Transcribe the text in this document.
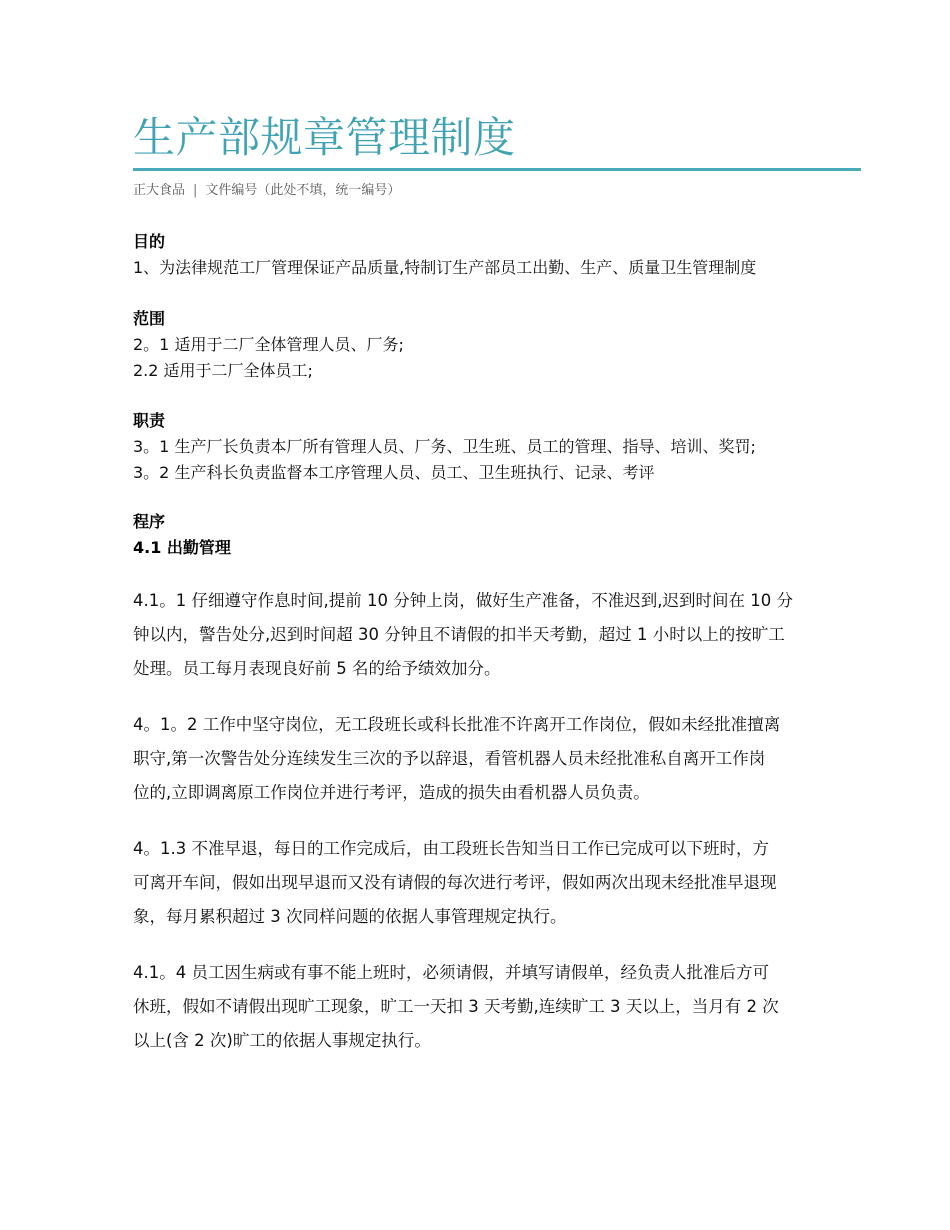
生产部规章管理制度
正大食品 | 文件编号（此处不填，统一编号）
目的
1、为法律规范工厂管理保证产品质量,特制订生产部员工出勤、生产、质量卫生管理制度
范围
2。1 适用于二厂全体管理人员、厂务;
2.2 适用于二厂全体员工;
职责
3。1 生产厂长负责本厂所有管理人员、厂务、卫生班、员工的管理、指导、培训、奖罚;
3。2 生产科长负责监督本工序管理人员、员工、卫生班执行、记录、考评
程序
4.1 出勤管理
4.1。1 仔细遵守作息时间,提前 10 分钟上岗，做好生产准备，不准迟到,迟到时间在 10 分
钟以内，警告处分,迟到时间超 30 分钟且不请假的扣半天考勤，超过 1 小时以上的按旷工
处理。员工每月表现良好前 5 名的给予绩效加分。
4。1。2 工作中坚守岗位，无工段班长或科长批准不许离开工作岗位，假如未经批准擅离
职守,第一次警告处分连续发生三次的予以辞退，看管机器人员未经批准私自离开工作岗
位的,立即调离原工作岗位并进行考评，造成的损失由看机器人员负责。
4。1.3 不准早退，每日的工作完成后，由工段班长告知当日工作已完成可以下班时，方
可离开车间，假如出现早退而又没有请假的每次进行考评，假如两次出现未经批准早退现
象，每月累积超过 3 次同样问题的依据人事管理规定执行。
4.1。4 员工因生病或有事不能上班时，必须请假，并填写请假单，经负责人批准后方可
休班，假如不请假出现旷工现象，旷工一天扣 3 天考勤,连续旷工 3 天以上，当月有 2 次
以上(含 2 次)旷工的依据人事规定执行。
